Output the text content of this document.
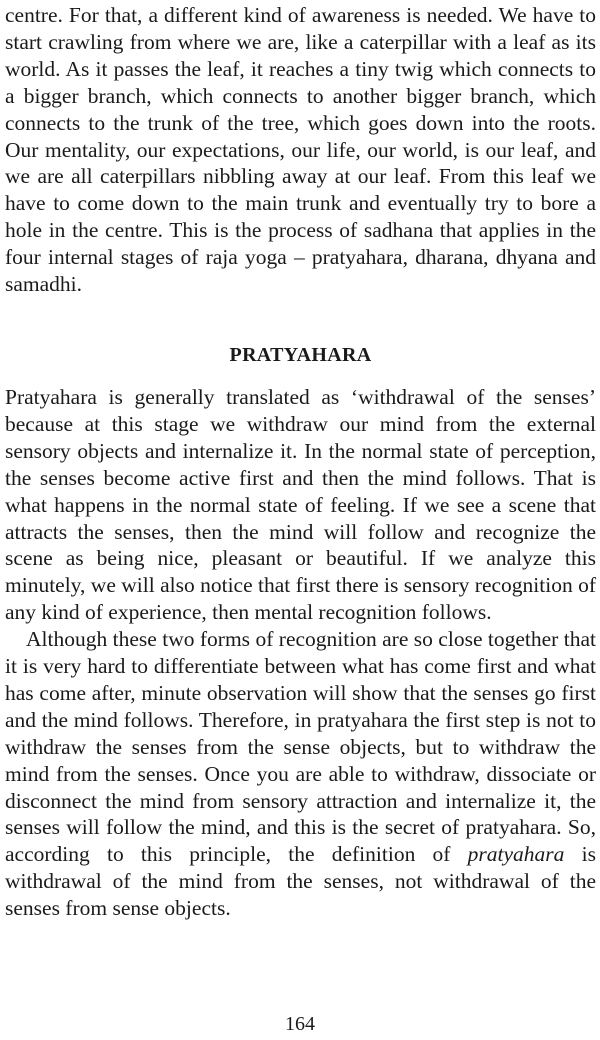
centre. For that, a different kind of awareness is needed. We have to start crawling from where we are, like a caterpillar with a leaf as its world. As it passes the leaf, it reaches a tiny twig which connects to a bigger branch, which connects to another bigger branch, which connects to the trunk of the tree, which goes down into the roots. Our mentality, our expectations, our life, our world, is our leaf, and we are all caterpillars nibbling away at our leaf. From this leaf we have to come down to the main trunk and eventually try to bore a hole in the centre. This is the process of sadhana that applies in the four internal stages of raja yoga – pratyahara, dharana, dhyana and samadhi.

PRATYAHARA

Pratyahara is generally translated as ‘withdrawal of the senses’ because at this stage we withdraw our mind from the external sensory objects and internalize it. In the normal state of perception, the senses become active first and then the mind follows. That is what happens in the normal state of feeling. If we see a scene that attracts the senses, then the mind will follow and recognize the scene as being nice, pleasant or beautiful. If we analyze this minutely, we will also notice that first there is sensory recognition of any kind of experience, then mental recognition follows.

Although these two forms of recognition are so close together that it is very hard to differentiate between what has come first and what has come after, minute observation will show that the senses go first and the mind follows. Therefore, in pratyahara the first step is not to withdraw the senses from the sense objects, but to withdraw the mind from the senses. Once you are able to withdraw, dissociate or disconnect the mind from sensory attraction and internalize it, the senses will follow the mind, and this is the secret of pratyahara. So, according to this principle, the definition of pratyahara is withdrawal of the mind from the senses, not withdrawal of the senses from sense objects.

164
